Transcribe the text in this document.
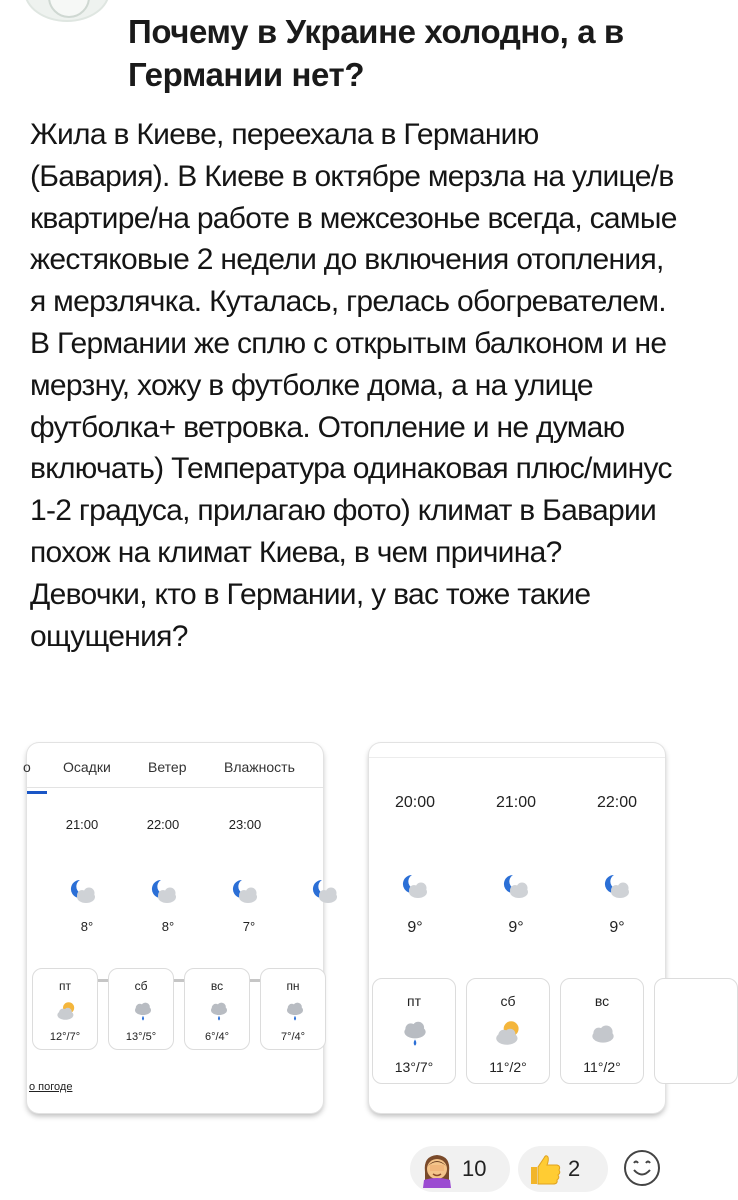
Почему в Украине холодно, а в Германии нет?

Жила в Киеве, переехала в Германию (Бавария). В Киеве в октябре мерзла на улице/в квартире/на работе в межсезонье всегда, самые жестяковые 2 недели до включения отопления, я мерзлячка. Куталась, грелась обогревателем. В Германии же сплю с открытым балконом и не мерзну, хожу в футболке дома, а на улице футболка+ ветровка. Отопление и не думаю включать) Температура одинаковая плюс/минус 1-2 градуса, прилагаю фото) климат в Баварии похож на климат Киева, в чем причина? Девочки, кто в Германии, у вас тоже такие ощущения?

о Осадки	Ветер	Влажность
21:00	22:00	23:00
8°	8°	7°
пт
12°/7°
сб
13°/5°
вс
6°/4°
пн
7°/4°
о погоде
20:00	21:00	22:00
9°	9°	9°
пт
13°/7°
сб
11°/2°
вс
11°/2°
10	2
